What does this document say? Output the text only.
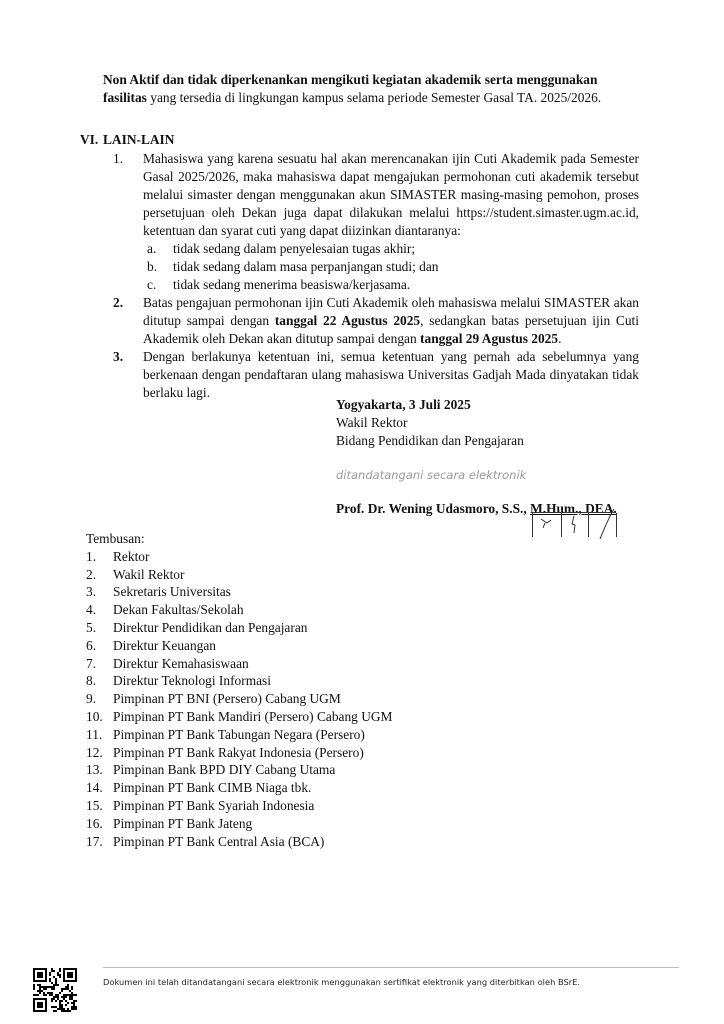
Non Aktif dan tidak diperkenankan mengikuti kegiatan akademik serta menggunakan fasilitas yang tersedia di lingkungan kampus selama periode Semester Gasal TA. 2025/2026.
VI. LAIN-LAIN
1.	Mahasiswa yang karena sesuatu hal akan merencanakan ijin Cuti Akademik pada Semester Gasal 2025/2026, maka mahasiswa dapat mengajukan permohonan cuti akademik tersebut melalui simaster dengan menggunakan akun SIMASTER masing-masing pemohon, proses persetujuan oleh Dekan juga dapat dilakukan melalui https://student.simaster.ugm.ac.id, ketentuan dan syarat cuti yang dapat diizinkan diantaranya:
a.	tidak sedang dalam penyelesaian tugas akhir;
b.	tidak sedang dalam masa perpanjangan studi; dan
c.	tidak sedang menerima beasiswa/kerjasama.
2.	Batas pengajuan permohonan ijin Cuti Akademik oleh mahasiswa melalui SIMASTER akan ditutup sampai dengan tanggal 22 Agustus 2025, sedangkan batas persetujuan ijin Cuti Akademik oleh Dekan akan ditutup sampai dengan tanggal 29 Agustus 2025.
3.	Dengan berlakunya ketentuan ini, semua ketentuan yang pernah ada sebelumnya yang berkenaan dengan pendaftaran ulang mahasiswa Universitas Gadjah Mada dinyatakan tidak berlaku lagi.
Yogyakarta, 3 Juli 2025
Wakil Rektor
Bidang Pendidikan dan Pengajaran
ditandatangani secara elektronik
Prof. Dr. Wening Udasmoro, S.S., M.Hum., DEA.
Tembusan:
1.	Rektor
2.	Wakil Rektor
3.	Sekretaris Universitas
4.	Dekan Fakultas/Sekolah
5.	Direktur Pendidikan dan Pengajaran
6.	Direktur Keuangan
7.	Direktur Kemahasiswaan
8.	Direktur Teknologi Informasi
9.	Pimpinan PT BNI (Persero) Cabang UGM
10. Pimpinan PT Bank Mandiri (Persero) Cabang UGM
11. Pimpinan PT Bank Tabungan Negara (Persero)
12. Pimpinan PT Bank Rakyat Indonesia (Persero)
13. Pimpinan Bank BPD DIY Cabang Utama
14. Pimpinan PT Bank CIMB Niaga tbk.
15. Pimpinan PT Bank Syariah Indonesia
16. Pimpinan PT Bank Jateng
17. Pimpinan PT Bank Central Asia (BCA)
Dokumen ini telah ditandatangani secara elektronik menggunakan sertifikat elektronik yang diterbitkan oleh BSrE.
